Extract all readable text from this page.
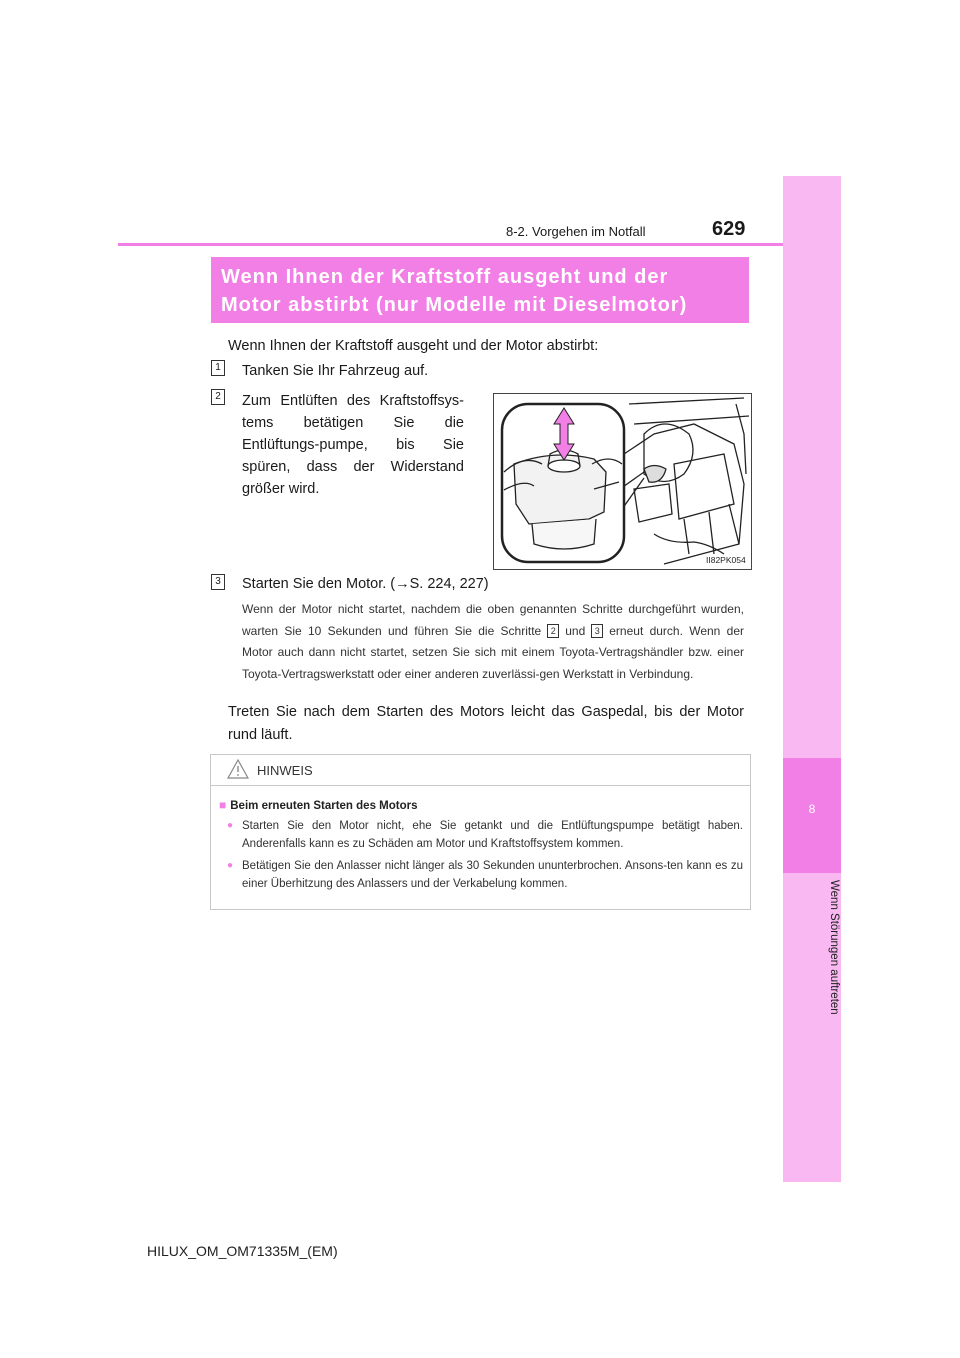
8
Wenn Störungen auftreten
8-2. Vorgehen im Notfall	629
Wenn Ihnen der Kraftstoff ausgeht und der
Motor abstirbt (nur Modelle mit Dieselmotor)
Wenn Ihnen der Kraftstoff ausgeht und der Motor abstirbt:
1 Tanken Sie Ihr Fahrzeug auf.
2 Zum Entlüften des Kraftstoffsys-tems betätigen Sie die Entlüftungs-pumpe, bis Sie spüren, dass der Widerstand größer wird.
II82PK054
3 Starten Sie den Motor. (→S. 224, 227)
Wenn der Motor nicht startet, nachdem die oben genannten Schritte durchgeführt wurden, warten Sie 10 Sekunden und führen Sie die Schritte 2 und 3 erneut durch. Wenn der Motor auch dann nicht startet, setzen Sie sich mit einem Toyota-Vertragshändler bzw. einer Toyota-Vertragswerkstatt oder einer anderen zuverlässi-gen Werkstatt in Verbindung.
Treten Sie nach dem Starten des Motors leicht das Gaspedal, bis der Motor rund läuft.
HINWEIS
■ Beim erneuten Starten des Motors
● Starten Sie den Motor nicht, ehe Sie getankt und die Entlüftungspumpe betätigt haben. Anderenfalls kann es zu Schäden am Motor und Kraftstoffsystem kommen.
● Betätigen Sie den Anlasser nicht länger als 30 Sekunden ununterbrochen. Ansons-ten kann es zu einer Überhitzung des Anlassers und der Verkabelung kommen.
HILUX_OM_OM71335M_(EM)
